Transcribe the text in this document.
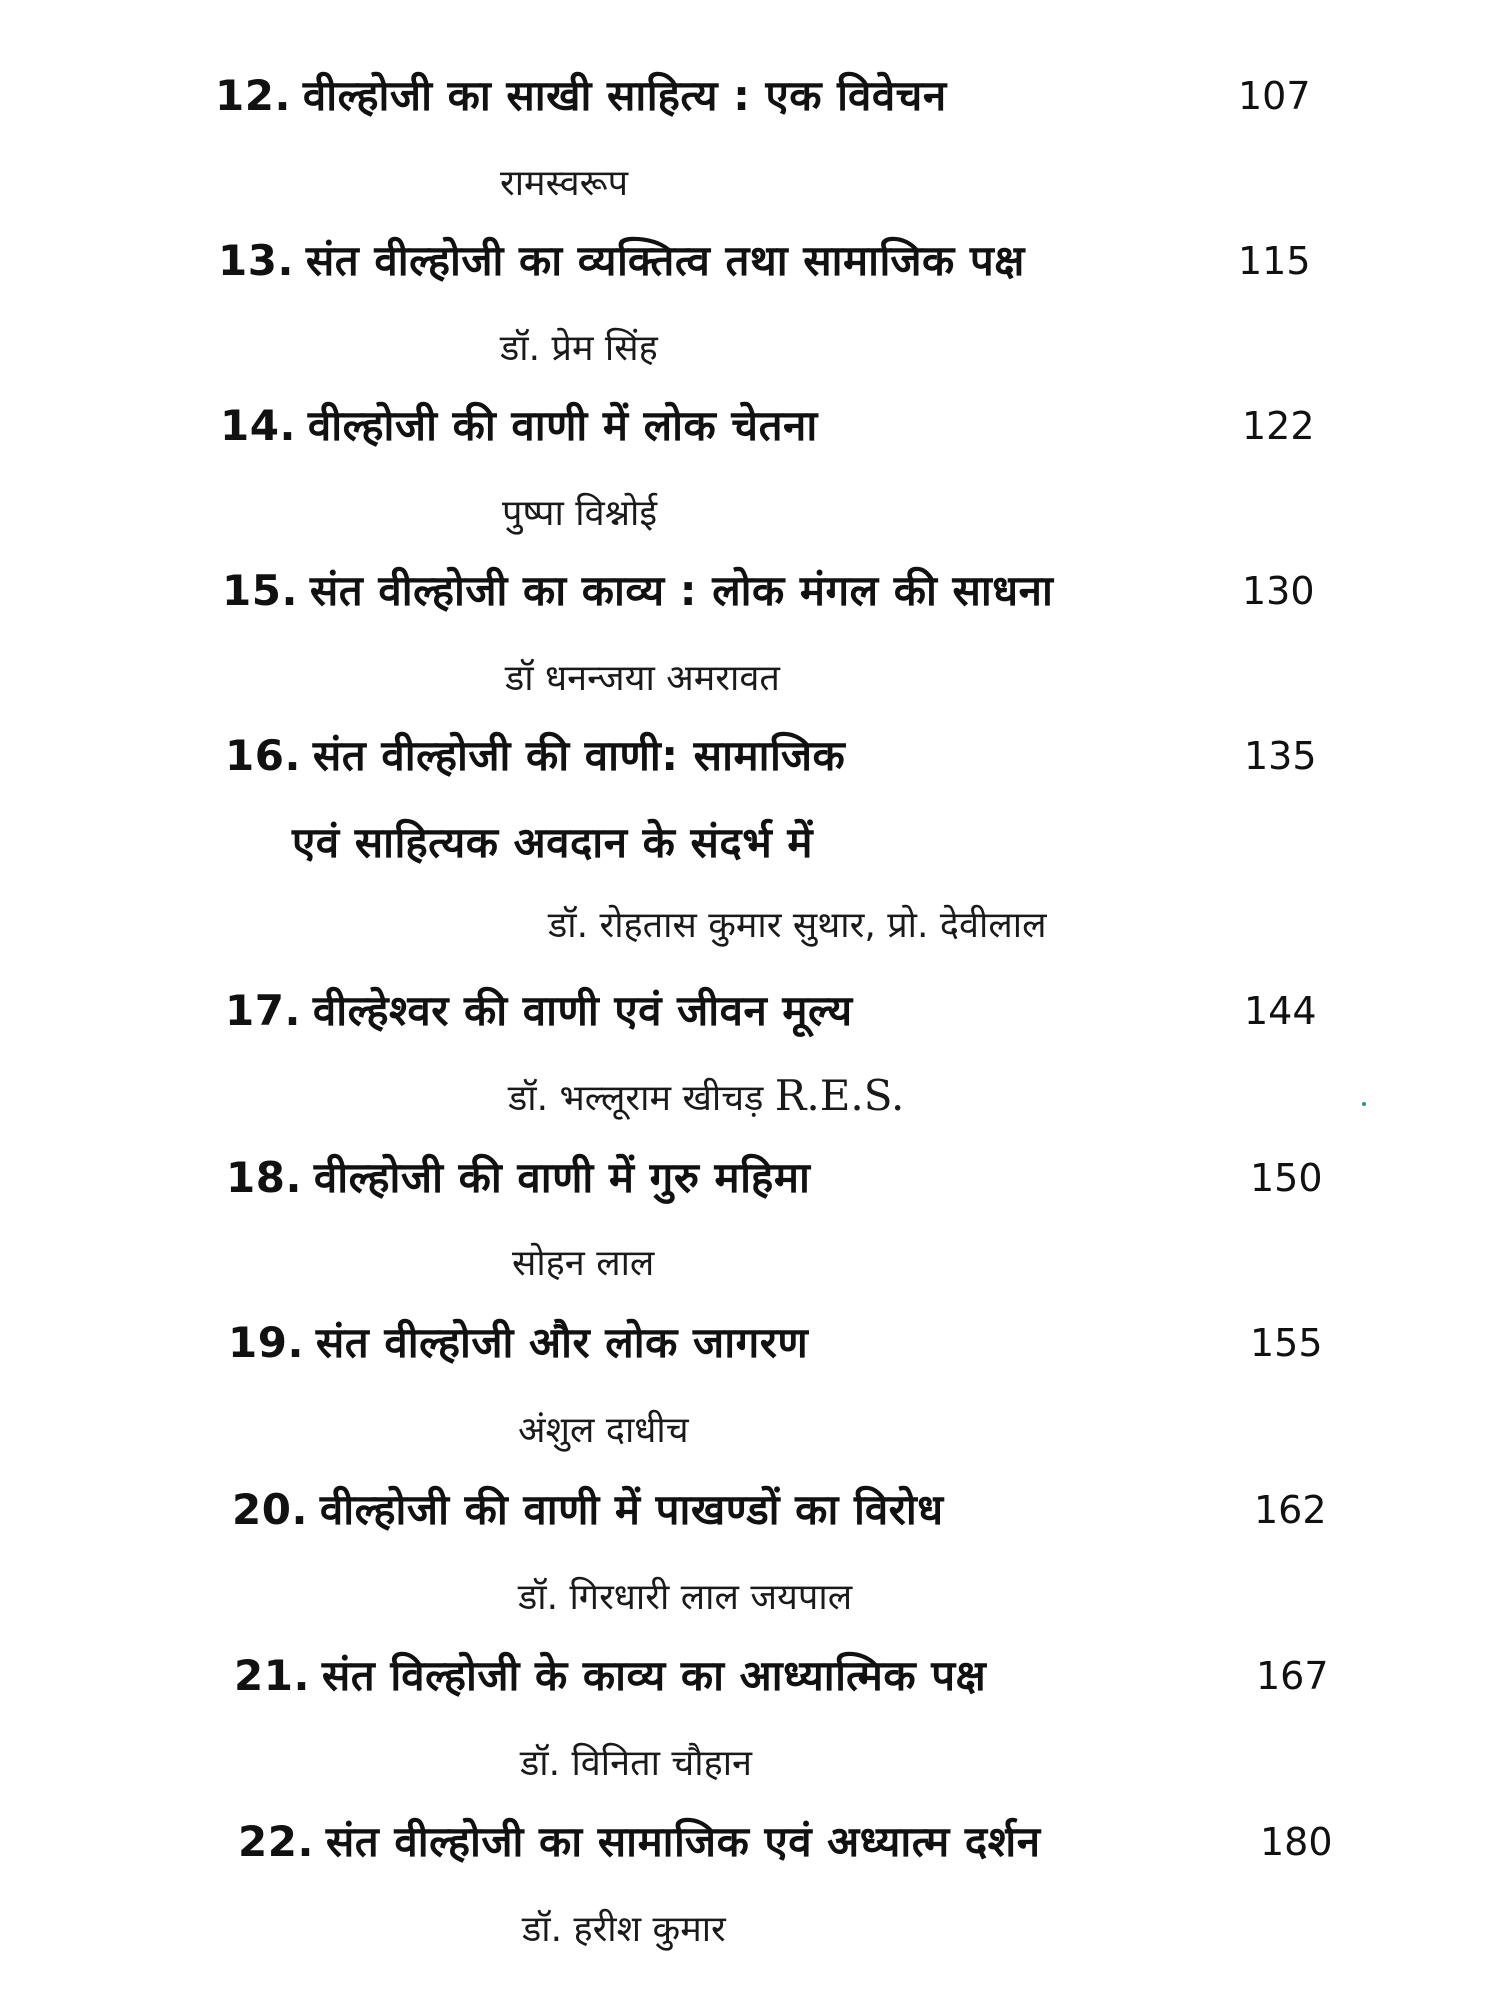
12. वील्होजी का साखी साहित्य : एक विवेचन	107
रामस्वरूप
13. संत वील्होजी का व्यक्तित्व तथा सामाजिक पक्ष	115
डॉ. प्रेम सिंह
14. वील्होजी की वाणी में लोक चेतना	122
पुष्पा विश्नोई
15. संत वील्होजी का काव्य : लोक मंगल की साधना	130
डॉ धनन्जया अमरावत
16. संत वील्होजी की वाणी: सामाजिक	135
एवं साहित्यक अवदान के संदर्भ में
डॉ. रोहतास कुमार सुथार, प्रो. देवीलाल
17. वील्हेश्वर की वाणी एवं जीवन मूल्य	144
डॉ. भल्लूराम खीचड़ R.E.S.
18. वील्होजी की वाणी में गुरु महिमा	150
सोहन लाल
19. संत वील्होजी और लोक जागरण	155
अंशुल दाधीच
20. वील्होजी की वाणी में पाखण्डों का विरोध	162
डॉ. गिरधारी लाल जयपाल
21. संत विल्होजी के काव्य का आध्यात्मिक पक्ष	167
डॉ. विनिता चौहान
22. संत वील्होजी का सामाजिक एवं अध्यात्म दर्शन	180
डॉ. हरीश कुमार
